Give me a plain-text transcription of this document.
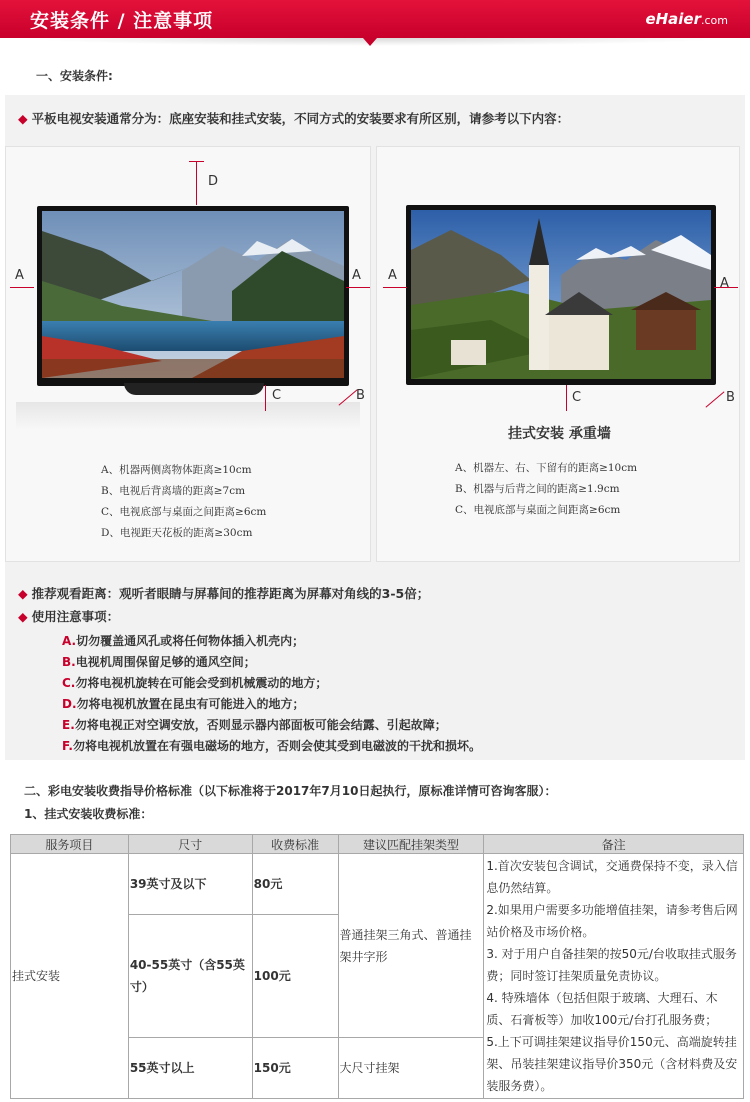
安装条件 / 注意事项	eHaier.com
一、安装条件:
◆ 平板电视安装通常分为：底座安装和挂式安装，不同方式的安装要求有所区别，请参考以下内容：
D
A	A
C	B
A、机器两侧离物体距离≥10cm
B、电视后背离墙的距离≥7cm
C、电视底部与桌面之间距离≥6cm
D、电视距天花板的距离≥30cm
A
A
C	B
挂式安装 承重墙
A、机器左、右、下留有的距离≥10cm
B、机器与后背之间的距离≥1.9cm
C、电视底部与桌面之间距离≥6cm
◆ 推荐观看距离：观听者眼睛与屏幕间的推荐距离为屏幕对角线的3-5倍；
◆ 使用注意事项：
A.切勿覆盖通风孔或将任何物体插入机壳内；
B.电视机周围保留足够的通风空间；
C.勿将电视机旋转在可能会受到机械震动的地方；
D.勿将电视机放置在昆虫有可能进入的地方；
E.勿将电视正对空调安放，否则显示器内部面板可能会结露、引起故障；
F.勿将电视机放置在有强电磁场的地方，否则会使其受到电磁波的干扰和损坏。
二、彩电安装收费指导价格标准（以下标准将于2017年7月10日起执行，原标准详情可咨询客服）：
1、挂式安装收费标准：
服务项目	尺寸	收费标准	建议匹配挂架类型	备注
挂式安装	39英寸及以下	80元	普通挂架三角式、普通挂架井字形	1.首次安装包含调试，交通费保持不变，录入信息仍然结算。
2.如果用户需要多功能增值挂架，请参考售后网站价格及市场价格。
3. 对于用户自备挂架的按50元/台收取挂式服务费；同时签订挂架质量免责协议。
4. 特殊墙体（包括但限于玻璃、大理石、木质、石膏板等）加收100元/台打孔服务费；
5.上下可调挂架建议指导价150元、高端旋转挂架、吊装挂架建议指导价350元（含材料费及安装服务费）。

	40-55英寸（含55英寸）	100元		
	55英寸以上	150元	大尺寸挂架	
